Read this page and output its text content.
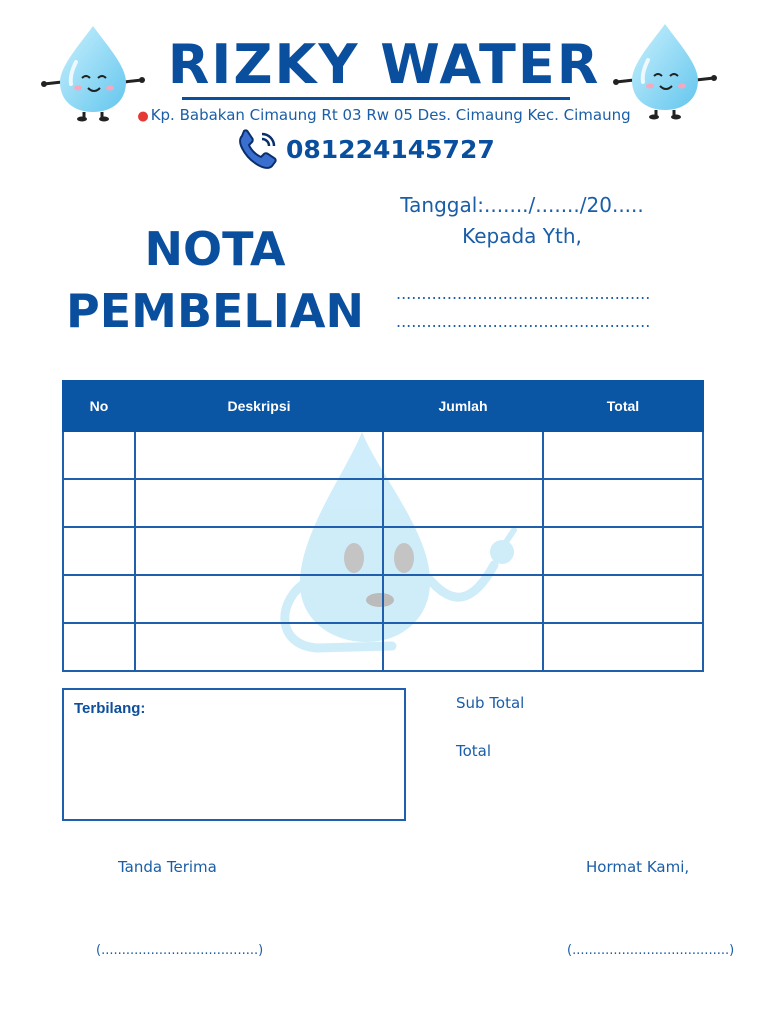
RIZKY WATER
● Kp. Babakan Cimaung Rt 03 Rw 05 Des. Cimaung Kec. Cimaung
081224145727
NOTA
PEMBELIAN
Tanggal:......./......./20.....
Kepada Yth,
..................................................
..................................................
No	Deskripsi	Jumlah	Total

Terbilang:	Sub Total
Total
Tanda Terima	Hormat Kami,
(......................................)	(......................................)
